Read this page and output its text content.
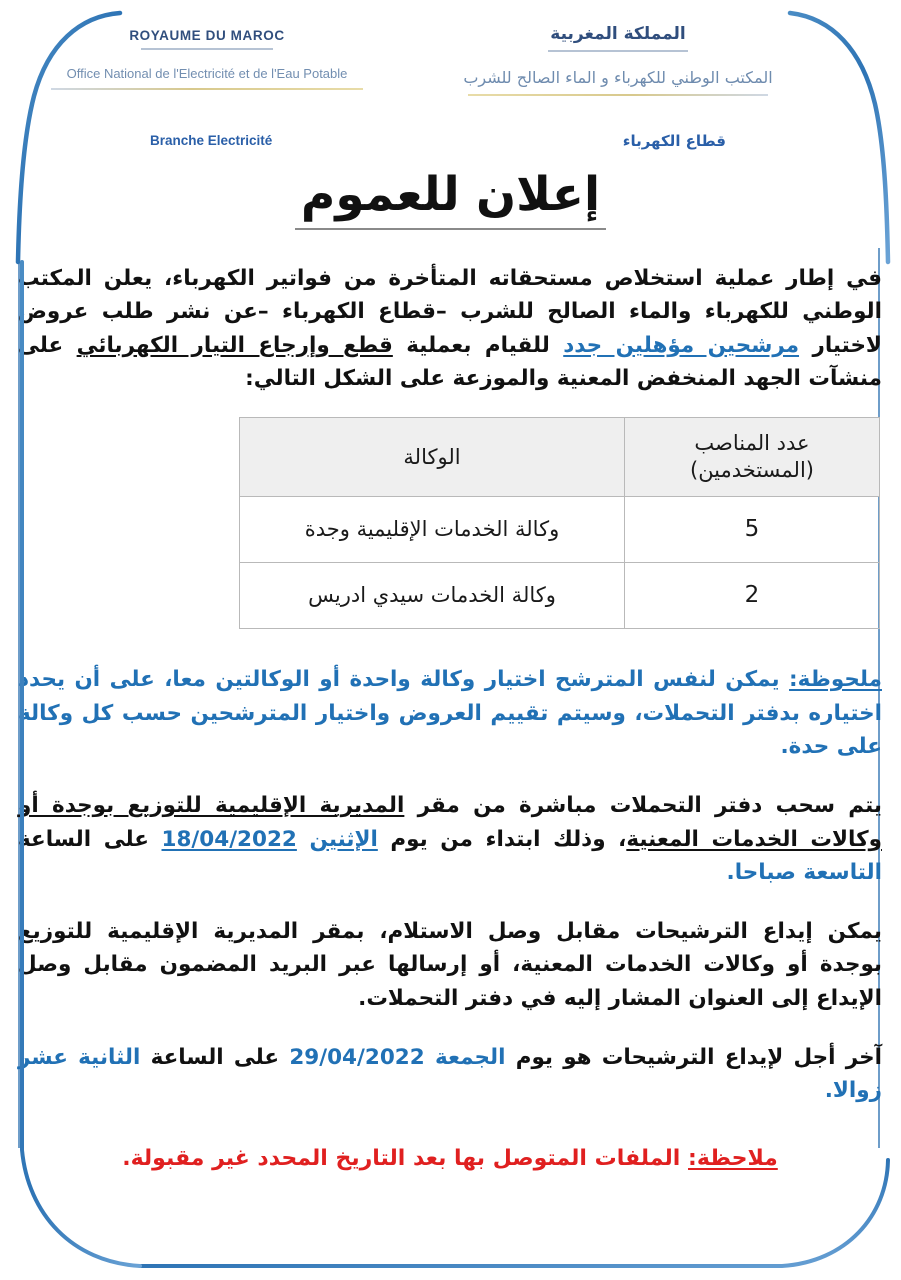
ROYAUME DU MAROC
Office National de l'Electricité et de l'Eau Potable
المملكة المغربية
المكتب الوطني للكهرباء و الماء الصالح للشرب
Branche Electricité	قطاع الكهرباء
إعلان للعموم

في إطار عملية استخلاص مستحقاته المتأخرة من فواتير الكهرباء، يعلن المكتب الوطني للكهرباء والماء الصالح للشرب –قطاع الكهرباء –عن نشر طلب عروض لاختيار مرشحين مؤهلين جدد للقيام بعملية قطع وإرجاع التيار الكهربائي على منشآت الجهد المنخفض المعنية والموزعة على الشكل التالي:

عدد المناصب (المستخدمين)	الوكالة
5	وكالة الخدمات الإقليمية وجدة
2	وكالة الخدمات سيدي ادريس

ملحوظة: يمكن لنفس المترشح اختيار وكالة واحدة أو الوكالتين معا، على أن يحدد اختياره بدفتر التحملات، وسيتم تقييم العروض واختيار المترشحين حسب كل وكالة على حدة.

يتم سحب دفتر التحملات مباشرة من مقر المديرية الإقليمية للتوزيع بوجدة أو وكالات الخدمات المعنية، وذلك ابتداء من يوم الإثنين 18/04/2022 على الساعة التاسعة صباحا.

يمكن إيداع الترشيحات مقابل وصل الاستلام، بمقر المديرية الإقليمية للتوزيع بوجدة أو وكالات الخدمات المعنية، أو إرسالها عبر البريد المضمون مقابل وصل الإيداع إلى العنوان المشار إليه في دفتر التحملات.

آخر أجل لإيداع الترشيحات هو يوم الجمعة 29/04/2022 على الساعة الثانية عشر زوالا.

ملاحظة: الملفات المتوصل بها بعد التاريخ المحدد غير مقبولة.
